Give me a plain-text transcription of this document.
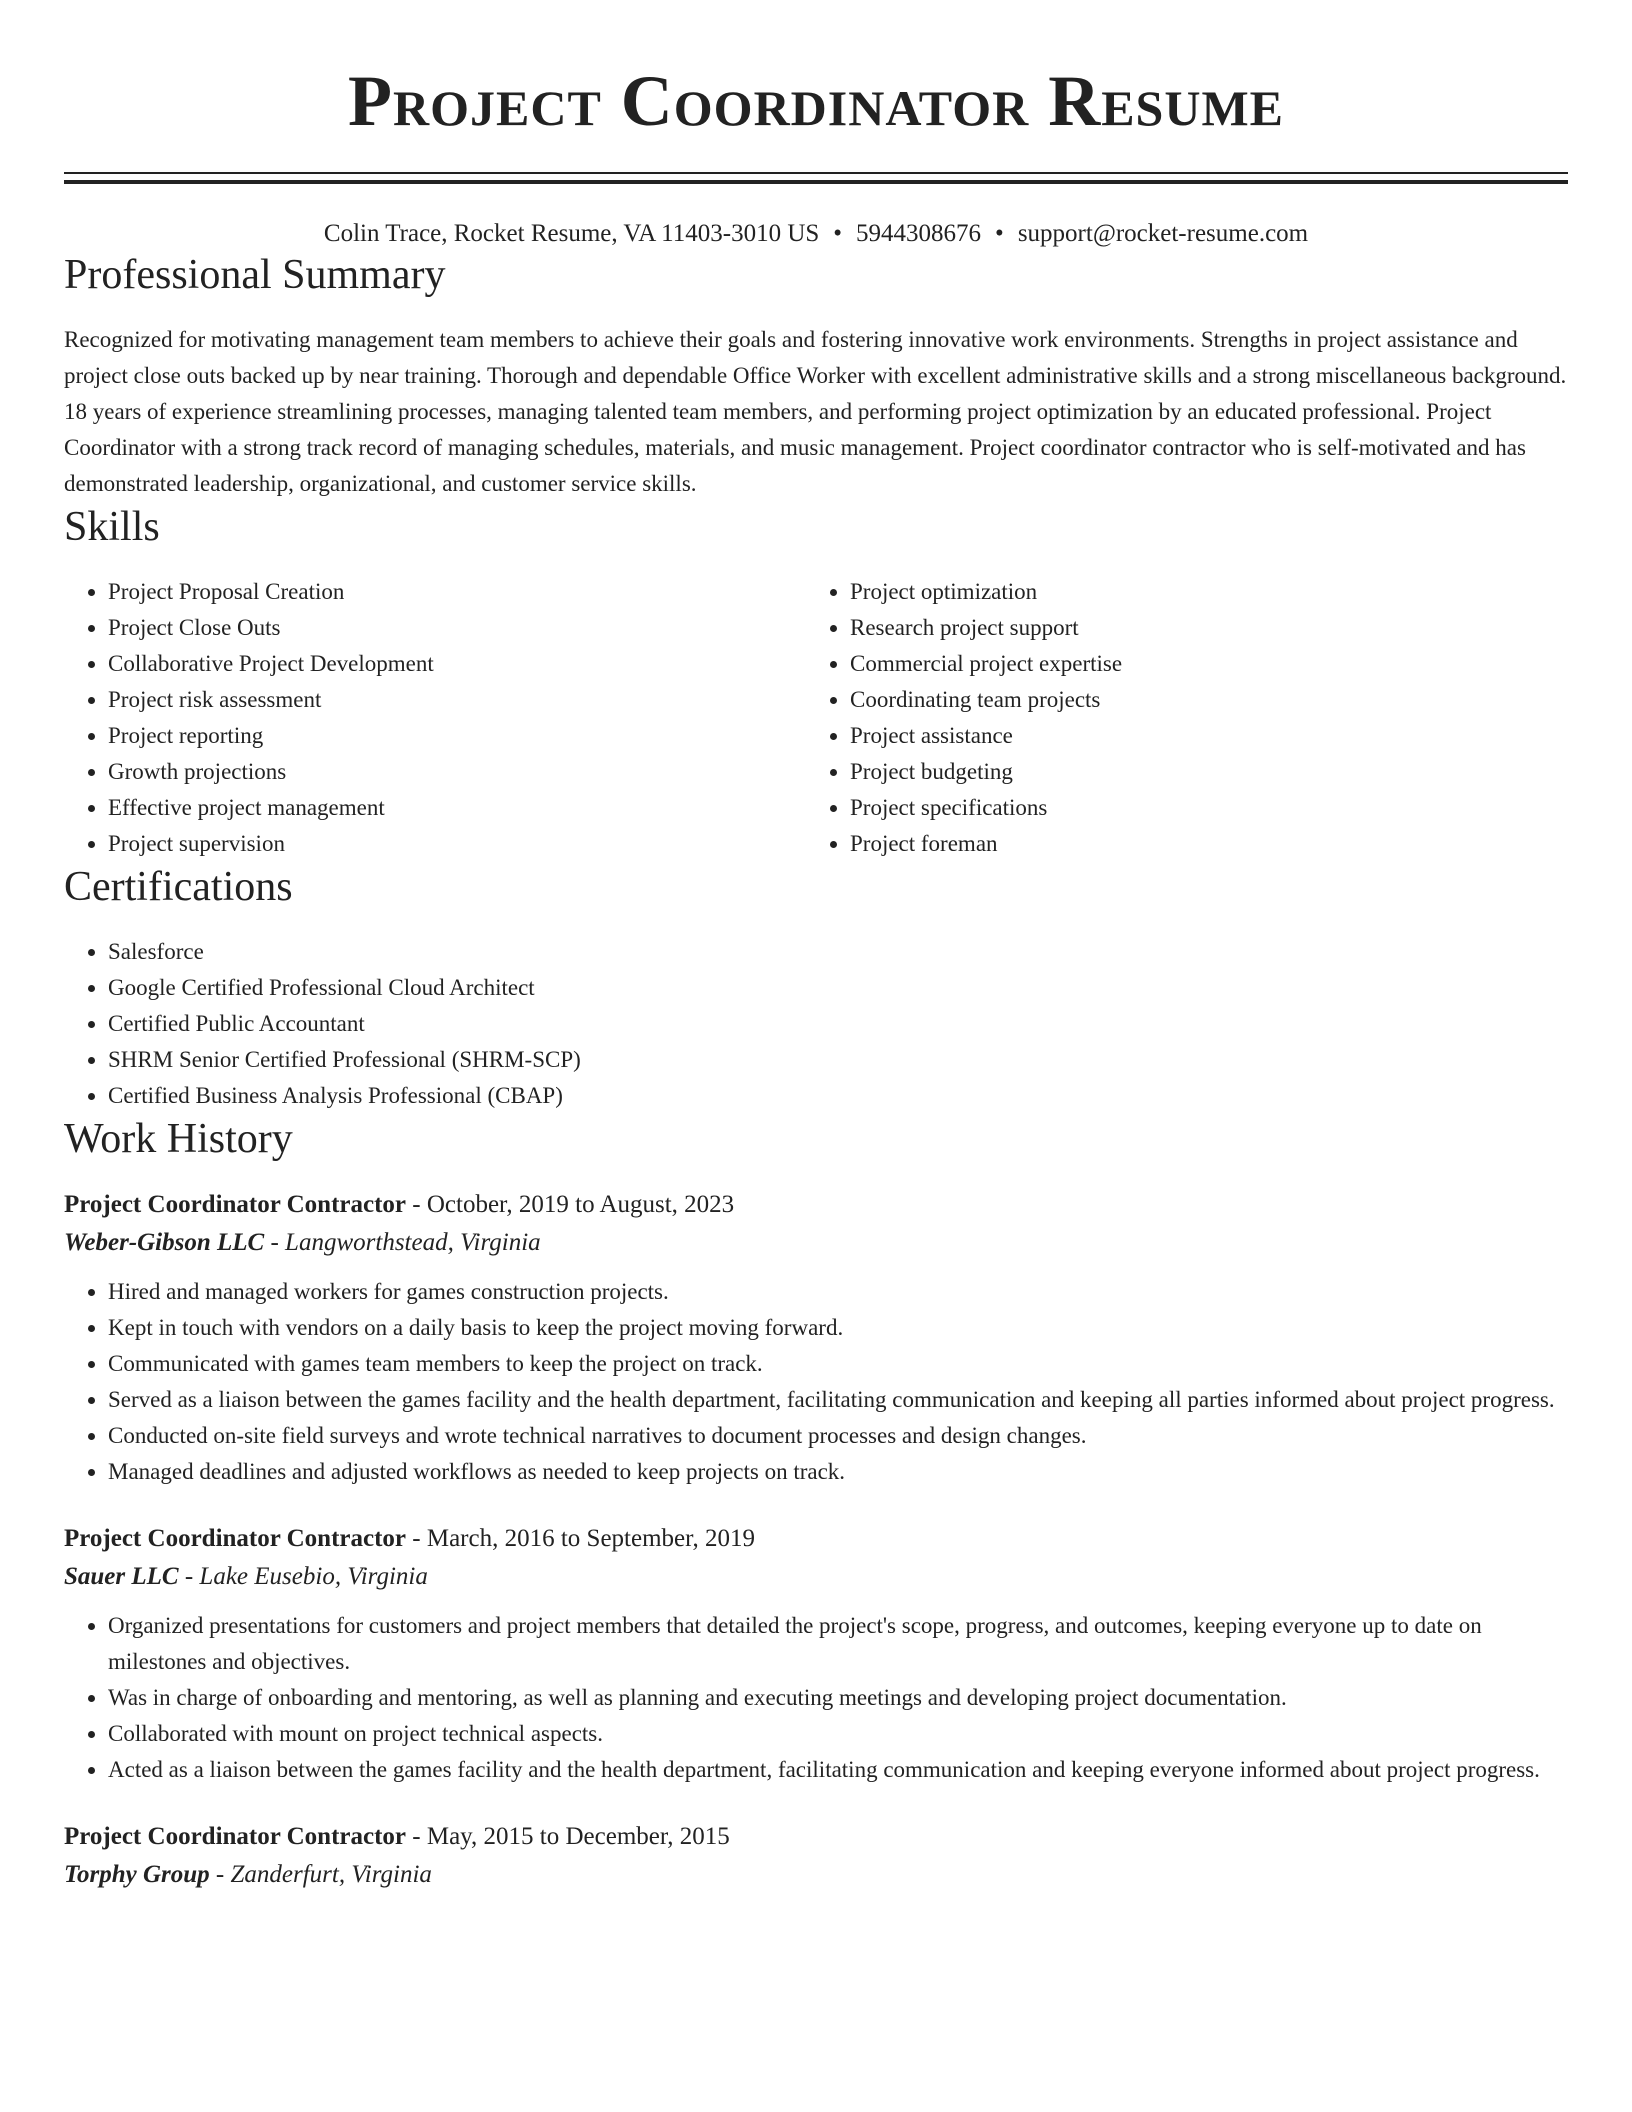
Project Coordinator Resume
Colin Trace, Rocket Resume, VA 11403-3010 US • 5944308676 • support@rocket-resume.com
Professional Summary

Recognized for motivating management team members to achieve their goals and fostering innovative work environments. Strengths in project assistance and project close outs backed up by near training. Thorough and dependable Office Worker with excellent administrative skills and a strong miscellaneous background. 18 years of experience streamlining processes, managing talented team members, and performing project optimization by an educated professional. Project Coordinator with a strong track record of managing schedules, materials, and music management. Project coordinator contractor who is self-motivated and has demonstrated leadership, organizational, and customer service skills.

Skills
• Project Proposal Creation
• Project Close Outs
• Collaborative Project Development
• Project risk assessment
• Project reporting
• Growth projections
• Effective project management
• Project supervision
• Project optimization
• Research project support
• Commercial project expertise
• Coordinating team projects
• Project assistance
• Project budgeting
• Project specifications
• Project foreman
Certifications
• Salesforce
• Google Certified Professional Cloud Architect
• Certified Public Accountant
• SHRM Senior Certified Professional (SHRM-SCP)
• Certified Business Analysis Professional (CBAP)
Work History
Project Coordinator Contractor - October, 2019 to August, 2023
Weber-Gibson LLC - Langworthstead, Virginia
• Hired and managed workers for games construction projects.
• Kept in touch with vendors on a daily basis to keep the project moving forward.
• Communicated with games team members to keep the project on track.
• Served as a liaison between the games facility and the health department, facilitating communication and keeping all parties informed about project progress.
• Conducted on-site field surveys and wrote technical narratives to document processes and design changes.
• Managed deadlines and adjusted workflows as needed to keep projects on track.
Project Coordinator Contractor - March, 2016 to September, 2019
Sauer LLC - Lake Eusebio, Virginia
• Organized presentations for customers and project members that detailed the project's scope, progress, and outcomes, keeping everyone up to date on milestones and objectives.
• Was in charge of onboarding and mentoring, as well as planning and executing meetings and developing project documentation.
• Collaborated with mount on project technical aspects.
• Acted as a liaison between the games facility and the health department, facilitating communication and keeping everyone informed about project progress.
Project Coordinator Contractor - May, 2015 to December, 2015
Torphy Group - Zanderfurt, Virginia
